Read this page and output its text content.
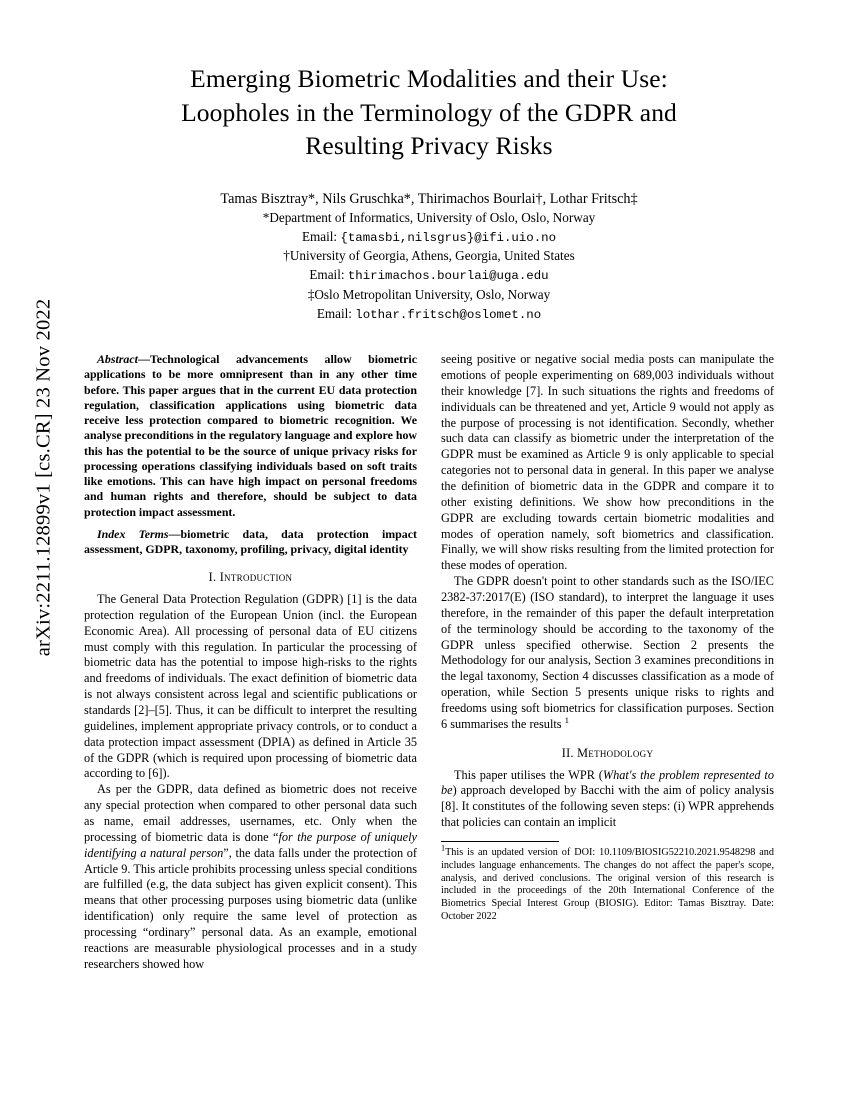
arXiv:2211.12899v1 [cs.CR] 23 Nov 2022
Emerging Biometric Modalities and their Use:
Loopholes in the Terminology of the GDPR and
Resulting Privacy Risks
Tamas Bisztray*, Nils Gruschka*, Thirimachos Bourlai†, Lothar Fritsch‡
*Department of Informatics, University of Oslo, Oslo, Norway
Email: {tamasbi,nilsgrus}@ifi.uio.no
†University of Georgia, Athens, Georgia, United States
Email: thirimachos.bourlai@uga.edu
‡Oslo Metropolitan University, Oslo, Norway
Email: lothar.fritsch@oslomet.no
Abstract—Technological advancements allow biometric applications to be more omnipresent than in any other time before. This paper argues that in the current EU data protection regulation, classification applications using biometric data receive less protection compared to biometric recognition. We analyse preconditions in the regulatory language and explore how this has the potential to be the source of unique privacy risks for processing operations classifying individuals based on soft traits like emotions. This can have high impact on personal freedoms and human rights and therefore, should be subject to data protection impact assessment.
Index Terms—biometric data, data protection impact assessment, GDPR, taxonomy, profiling, privacy, digital identity
I. Introduction

The General Data Protection Regulation (GDPR) [1] is the data protection regulation of the European Union (incl. the European Economic Area). All processing of personal data of EU citizens must comply with this regulation. In particular the processing of biometric data has the potential to impose high-risks to the rights and freedoms of individuals. The exact definition of biometric data is not always consistent across legal and scientific publications or standards [2]–[5]. Thus, it can be difficult to interpret the resulting guidelines, implement appropriate privacy controls, or to conduct a data protection impact assessment (DPIA) as defined in Article 35 of the GDPR (which is required upon processing of biometric data according to [6]).

As per the GDPR, data defined as biometric does not receive any special protection when compared to other personal data such as name, email addresses, usernames, etc. Only when the processing of biometric data is done “for the purpose of uniquely identifying a natural person”, the data falls under the protection of Article 9. This article prohibits processing unless special conditions are fulfilled (e.g, the data subject has given explicit consent). This means that other processing purposes using biometric data (unlike identification) only require the same level of protection as processing “ordinary” personal data. As an example, emotional reactions are measurable physiological processes and in a study researchers showed how

seeing positive or negative social media posts can manipulate the emotions of people experimenting on 689,003 individuals without their knowledge [7]. In such situations the rights and freedoms of individuals can be threatened and yet, Article 9 would not apply as the purpose of processing is not identification. Secondly, whether such data can classify as biometric under the interpretation of the GDPR must be examined as Article 9 is only applicable to special categories not to personal data in general. In this paper we analyse the definition of biometric data in the GDPR and compare it to other existing definitions. We show how preconditions in the GDPR are excluding towards certain biometric modalities and modes of operation namely, soft biometrics and classification. Finally, we will show risks resulting from the limited protection for these modes of operation.

The GDPR doesn't point to other standards such as the ISO/IEC 2382-37:2017(E) (ISO standard), to interpret the language it uses therefore, in the remainder of this paper the default interpretation of the terminology should be according to the taxonomy of the GDPR unless specified otherwise. Section 2 presents the Methodology for our analysis, Section 3 examines preconditions in the legal taxonomy, Section 4 discusses classification as a mode of operation, while Section 5 presents unique risks to rights and freedoms using soft biometrics for classification purposes. Section 6 summarises the results $^1$

II. Methodology

This paper utilises the WPR (What's the problem represented to be) approach developed by Bacchi with the aim of policy analysis [8]. It constitutes of the following seven steps: (i) WPR apprehends that policies can contain an implicit

$^1$This is an updated version of DOI: 10.1109/BIOSIG52210.2021.9548298 and includes language enhancements. The changes do not affect the paper's scope, analysis, and derived conclusions. The original version of this research is included in the proceedings of the 20th International Conference of the Biometrics Special Interest Group (BIOSIG). Editor: Tamas Bisztray. Date: October 2022
